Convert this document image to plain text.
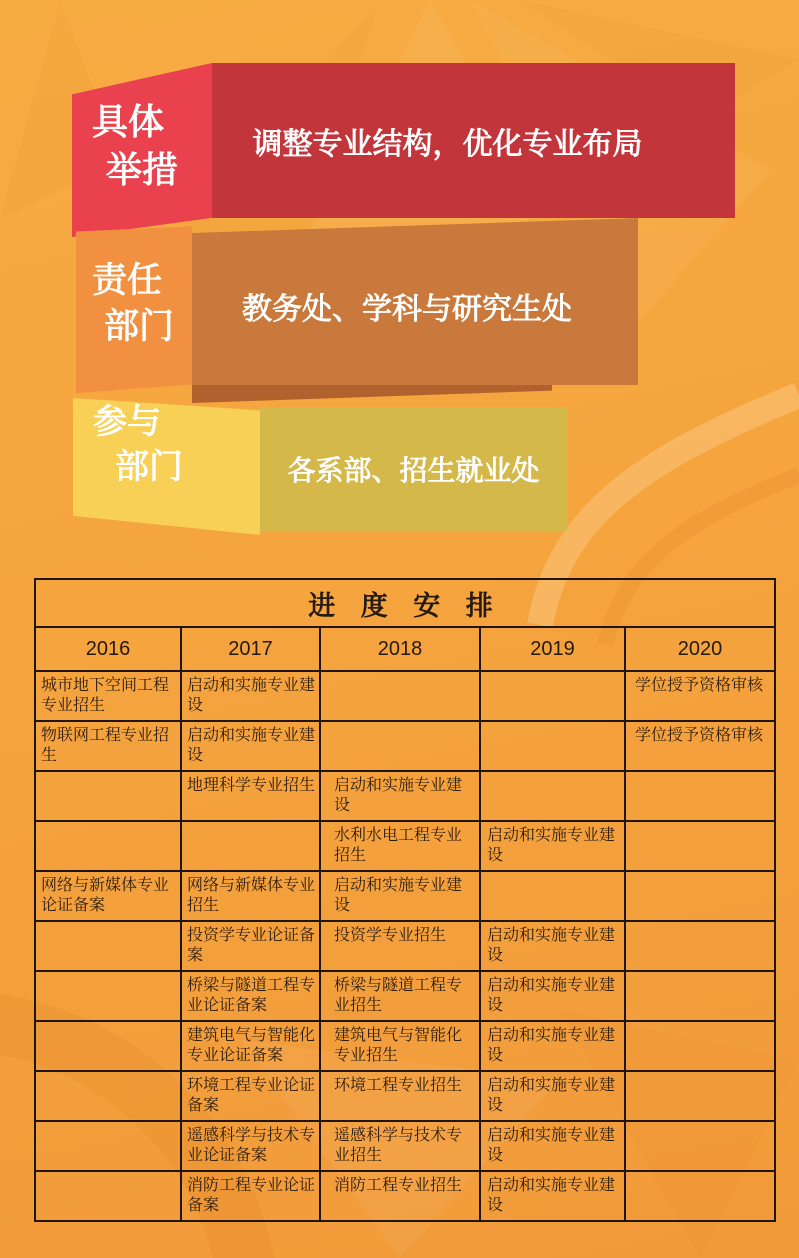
具体
举措
调整专业结构，优化专业布局
责任
部门	教务处、学科与研究生处
参与
部门	各系部、招生就业处
进 度 安 排				
2016	2017	2018	2019	2020
城市地下空间工程专业招生	启动和实施专业建设			学位授予资格审核
物联网工程专业招生	启动和实施专业建设			学位授予资格审核
	地理科学专业招生	启动和实施专业建设		
		水利水电工程专业招生	启动和实施专业建设	
网络与新媒体专业论证备案	网络与新媒体专业招生	启动和实施专业建设		
	投资学专业论证备案	投资学专业招生	启动和实施专业建设	
	桥梁与隧道工程专业论证备案	桥梁与隧道工程专业招生	启动和实施专业建设	
	建筑电气与智能化专业论证备案	建筑电气与智能化专业招生	启动和实施专业建设	
	环境工程专业论证备案	环境工程专业招生	启动和实施专业建设	
	遥感科学与技术专业论证备案	遥感科学与技术专业招生	启动和实施专业建设	
	消防工程专业论证备案	消防工程专业招生	启动和实施专业建设	
